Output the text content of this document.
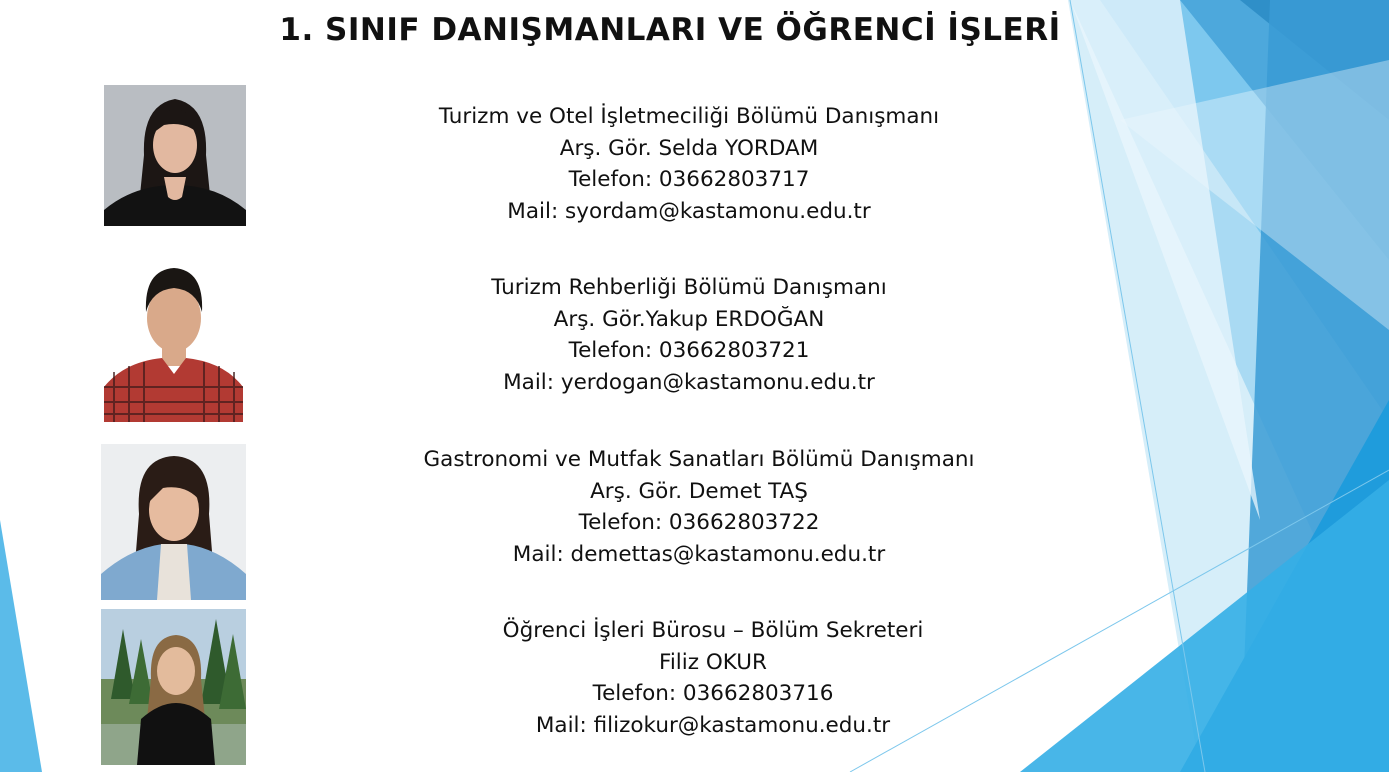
1. SINIF DANIŞMANLARI VE ÖĞRENCİ İŞLERİ
Turizm ve Otel İşletmeciliği Bölümü Danışmanı
Arş. Gör. Selda YORDAM
Telefon: 03662803717
Mail: syordam@kastamonu.edu.tr
Turizm Rehberliği Bölümü Danışmanı
Arş. Gör.Yakup ERDOĞAN
Telefon: 03662803721
Mail: yerdogan@kastamonu.edu.tr
Gastronomi ve Mutfak Sanatları Bölümü Danışmanı
Arş. Gör. Demet TAŞ
Telefon: 03662803722
Mail: demettas@kastamonu.edu.tr
Öğrenci İşleri Bürosu – Bölüm Sekreteri
Filiz OKUR
Telefon: 03662803716
Mail: filizokur@kastamonu.edu.tr
